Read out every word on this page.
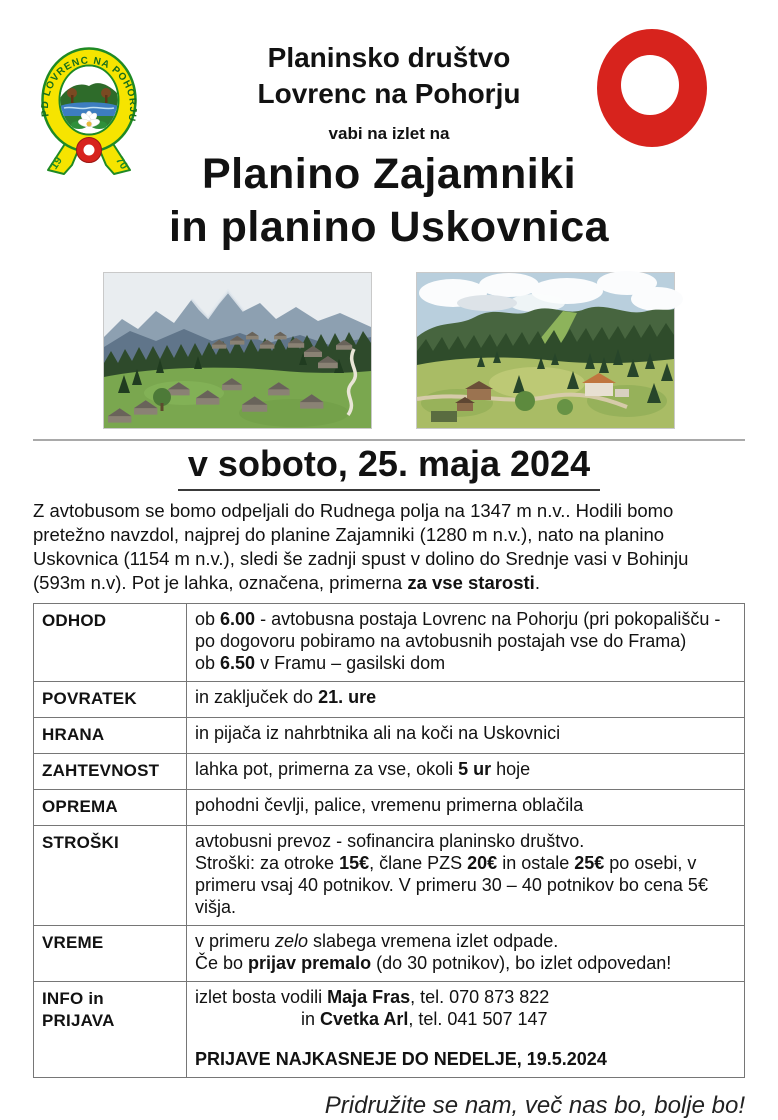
19	70
PD LOVRENC NA POHORJU
Planinsko društvo
Lovrenc na Pohorju
vabi na izlet na
Planino Zajamniki
in planino Uskovnica
v soboto, 25. maja 2024

Z avtobusom se bomo odpeljali do Rudnega polja na 1347 m n.v.. Hodili bomo pretežno navzdol, najprej do planine Zajamniki (1280 m n.v.), nato na planino Uskovnica (1154 m n.v.), sledi še zadnji spust v dolino do Srednje vasi v Bohinju (593m n.v). Pot je lahka, označena, primerna za vse starosti.

ODHOD	ob 6.00 - avtobusna postaja Lovrenc na Pohorju (pri pokopališču - po dogovoru pobiramo na avtobusnih postajah vse do Frama)
ob 6.50 v Framu – gasilski dom

POVRATEK	in zaključek do 21. ure

HRANA	in pijača iz nahrbtnika ali na koči na Uskovnici

ZAHTEVNOST	lahka pot, primerna za vse, okoli 5 ur hoje

OPREMA	pohodni čevlji, palice, vremenu primerna oblačila

STROŠKI	avtobusni prevoz - sofinancira planinsko društvo.
Stroški: za otroke 15€, člane PZS 20€ in ostale 25€ po osebi, v primeru vsaj 40 potnikov. V primeru 30 – 40 potnikov bo cena 5€ višja.

VREME	v primeru zelo slabega vremena izlet odpade.
Če bo prijav premalo (do 30 potnikov), bo izlet odpovedan!

INFO in PRIJAVA	izlet bosta vodili Maja Fras, tel. 070 873 822
in Cvetka Arl, tel. 041 507 147
PRIJAVE NAJKASNEJE DO NEDELJE, 19.5.2024
Pridružite se nam, več nas bo, bolje bo!
